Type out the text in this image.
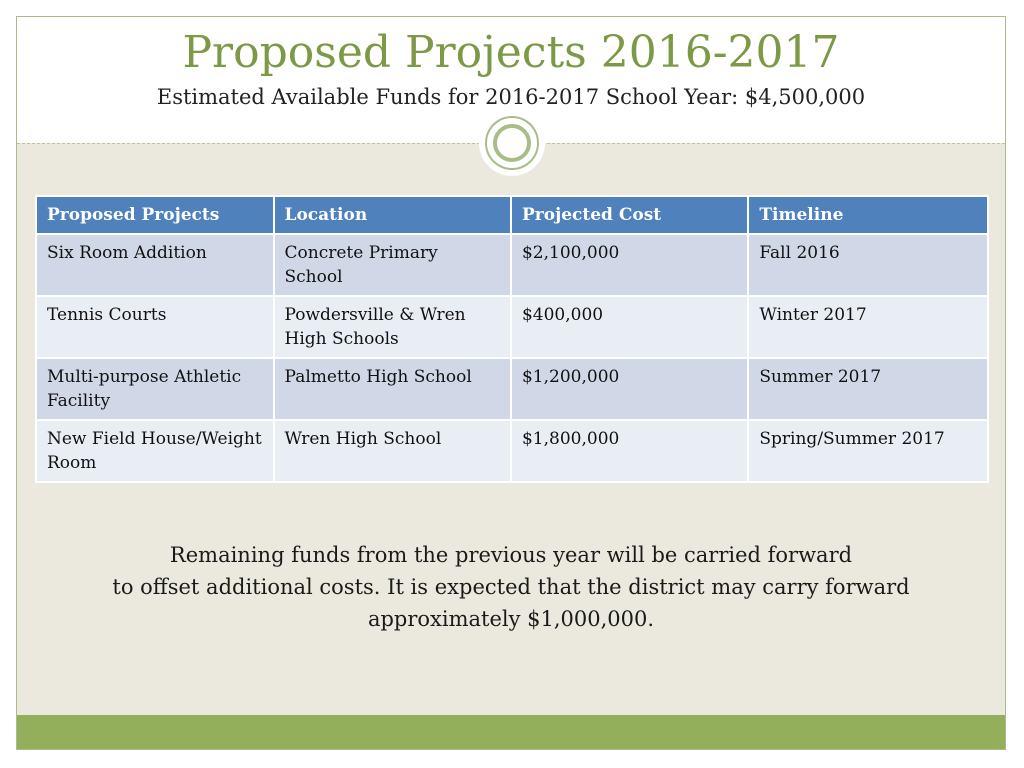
Proposed Projects 2016-2017
Estimated Available Funds for 2016-2017 School Year: $4,500,000
Proposed Projects	Location	Projected Cost	Timeline
Six Room Addition	Concrete Primary School	$2,100,000	Fall 2016
Tennis Courts	Powdersville & Wren High Schools	$400,000	Winter 2017
Multi-purpose Athletic Facility	Palmetto High School	$1,200,000	Summer 2017
New Field House/Weight Room	Wren High School	$1,800,000	Spring/Summer 2017
Remaining funds from the previous year will be carried forward
to offset additional costs. It is expected that the district may carry forward
approximately $1,000,000.
